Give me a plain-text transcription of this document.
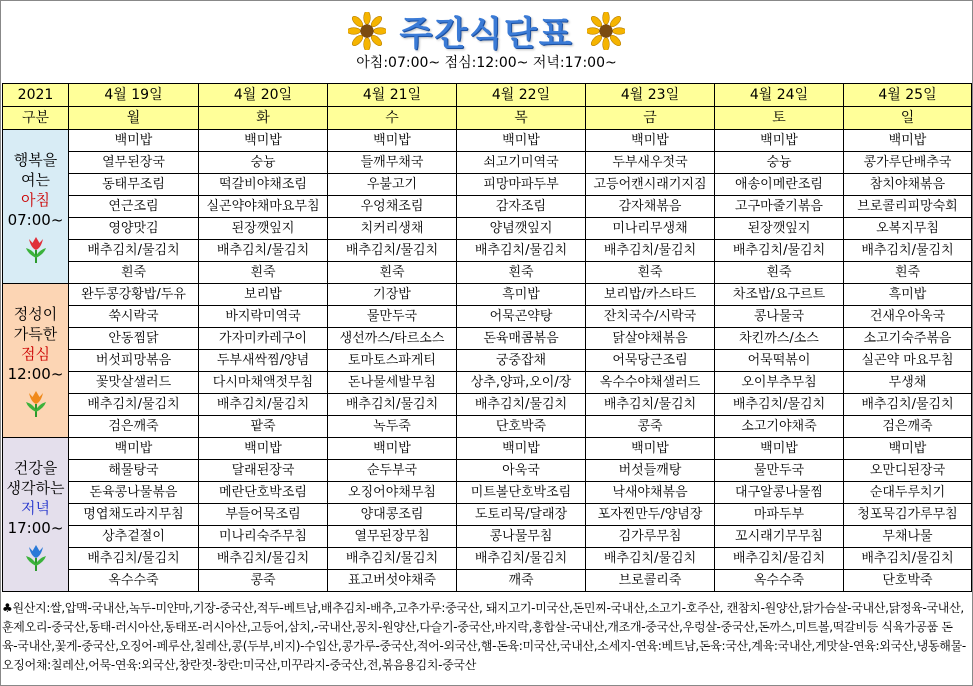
주간식단표
아침:07:00~ 점심:12:00~ 저녁:17:00~
2021	4월 19일	4월 20일	4월 21일	4월 22일	4월 23일	4월 24일	4월 25일
구분	월	화	수	목	금	토	일
행복을
여는
아침
07:00~	백미밥	백미밥	백미밥	백미밥	백미밥	백미밥	백미밥
	열무된장국	숭늉	들깨무채국	쇠고기미역국	두부새우젓국	숭늉	콩가루단배추국
	동태무조림	떡갈비야채조림	우불고기	피망마파두부	고등어캔시래기지짐	애송이메란조림	참치야채볶음
	연근조림	실곤약야채마요무침	우엉채조림	감자조림	감자채볶음	고구마줄기볶음	브로콜리피망숙회
	영양맛김	된장깻잎지	치커리생채	양념깻잎지	미나리무생채	된장깻잎지	오복지무침
	배추김치/물김치	배추김치/물김치	배추김치/물김치	배추김치/물김치	배추김치/물김치	배추김치/물김치	배추김치/물김치
	흰죽	흰죽	흰죽	흰죽	흰죽	흰죽	흰죽
정성이
가득한
점심
12:00~	완두콩강황밥/두유	보리밥	기장밥	흑미밥	보리밥/카스타드	차조밥/요구르트	흑미밥
	쑥시락국	바지락미역국	물만두국	어묵곤약탕	잔치국수/시락국	콩나물국	건새우아욱국
	안동찜닭	가자미카레구이	생선까스/타르소스	돈육매콤볶음	닭살야채볶음	차킨까스/소스	소고기숙주볶음
	버섯피망볶음	두부새싹찜/양념	토마토스파게티	궁중잡채	어묵당근조림	어묵떡볶이	실곤약 마요무침
	꽃맛살샐러드	다시마채액젓무침	돈나물세발무침	상추,양파,오이/장	옥수수야채샐러드	오이부추무침	무생채
	배추김치/물김치	배추김치/물김치	배추김치/물김치	배추김치/물김치	배추김치/물김치	배추김치/물김치	배추김치/물김치
	검은깨죽	팥죽	녹두죽	단호박죽	콩죽	소고기야채죽	검은깨죽
건강을
생각하는
저녁
17:00~	백미밥	백미밥	백미밥	백미밥	백미밥	백미밥	백미밥
	해물탕국	달래된장국	순두부국	아욱국	버섯들깨탕	물만두국	오만디된장국
	돈육콩나물볶음	메란단호박조림	오징어야채무침	미트볼단호박조림	낙새야채볶음	대구알콩나물찜	순대두루치기
	명엽채도라지무침	부들어묵조림	양대콩조림	도토리묵/달래장	포자찐만두/양념장	마파두부	청포묵김가루무침
	상추겉절이	미나리숙주무침	열무된장무침	콩나물무침	김가루무침	꼬시래기무무침	무채나물
	배추김치/물김치	배추김치/물김치	배추김치/물김치	배추김치/물김치	배추김치/물김치	배추김치/물김치	배추김치/물김치
	옥수수죽	콩죽	표고버섯야채죽	깨죽	브로콜리죽	옥수수죽	단호박죽
♣원산지:쌀,압맥-국내산,녹두-미얀마,기장-중국산,적두-베트남,배추김치-배추,고추가루:중국산, 돼지고기-미국산,돈민찌-국내산,소고기-호주산, 캔참치-원양산,닭가슴살-국내산,닭정육-국내산,훈제오리-중국산,동태-러시아산,동태포-러시아산,고등어,삼치,-국내산,꽁치-원양산,다슬기-중국산,바지락,홍합살-국내산,개조개-중국산,우렁살-중국산,돈까스,미트볼,떡갈비등 식육가공품 돈육-국내산,꽃게-중국산,오징어-페루산,칠레산,콩(두부,비지)-수입산,콩가루-중국산,적어-외국산,햄-돈육:미국산,국내산,소세지-연육:베트남,돈육:국산,계육:국내산,게맛살-연육:외국산,냉동해물-오징어채:칠레산,어묵-연육:외국산,창란젓-창란:미국산,미꾸라지-중국산,전,볶음용김치-중국산
